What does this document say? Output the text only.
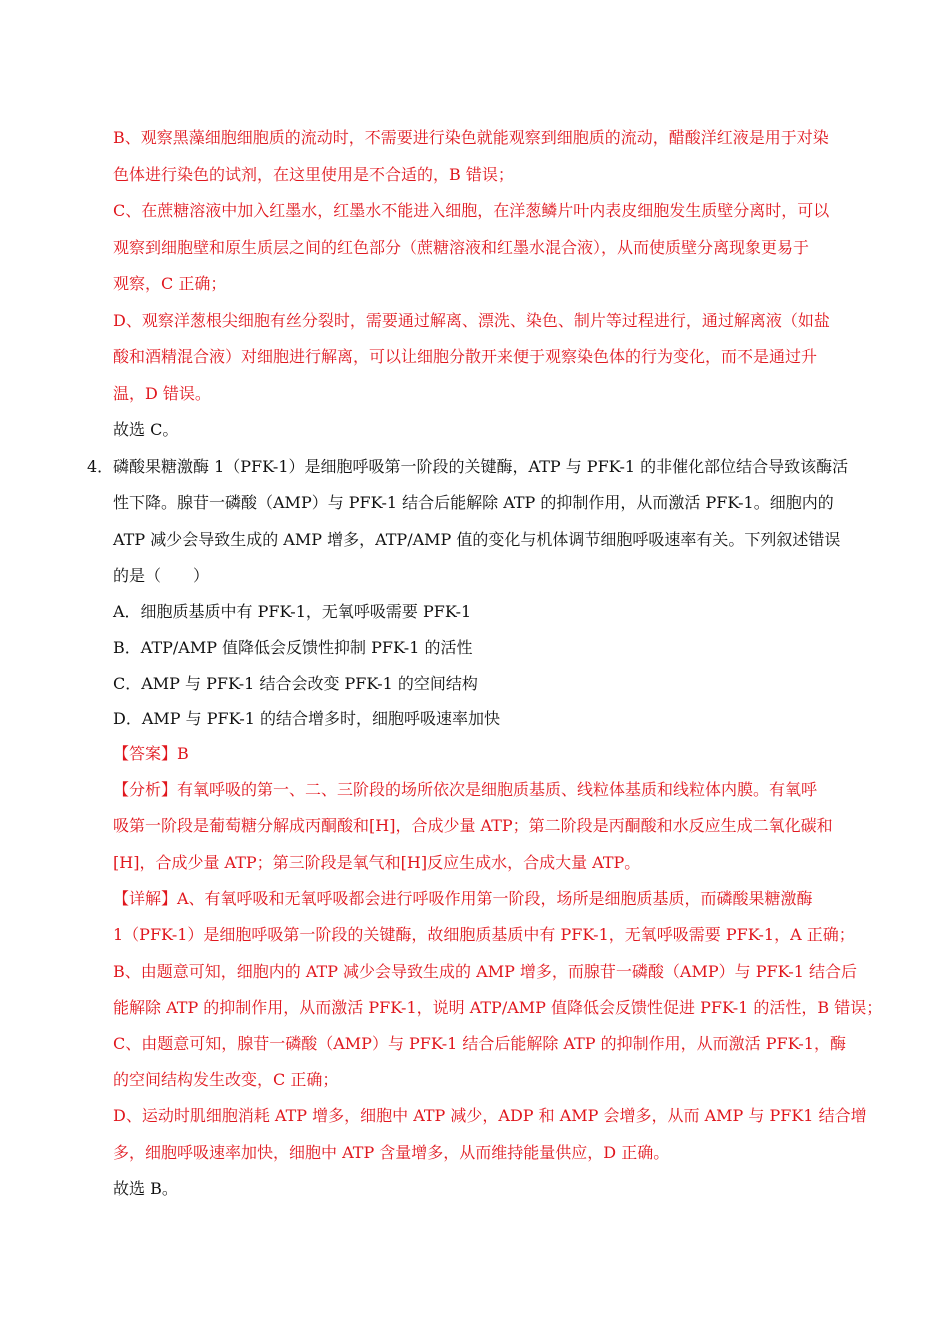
B、观察黑藻细胞细胞质的流动时，不需要进行染色就能观察到细胞质的流动，醋酸洋红液是用于对染
色体进行染色的试剂，在这里使用是不合适的，B 错误；
C、在蔗糖溶液中加入红墨水，红墨水不能进入细胞，在洋葱鳞片叶内表皮细胞发生质壁分离时，可以
观察到细胞壁和原生质层之间的红色部分（蔗糖溶液和红墨水混合液），从而使质壁分离现象更易于
观察，C 正确；
D、观察洋葱根尖细胞有丝分裂时，需要通过解离、漂洗、染色、制片等过程进行，通过解离液（如盐
酸和酒精混合液）对细胞进行解离，可以让细胞分散开来便于观察染色体的行为变化，而不是通过升
温，D 错误。
故选 C。
4． 磷酸果糖激酶 1（PFK-1）是细胞呼吸第一阶段的关键酶，ATP 与 PFK-1 的非催化部位结合导致该酶活
性下降。腺苷一磷酸（AMP）与 PFK-1 结合后能解除 ATP 的抑制作用，从而激活 PFK-1。细胞内的
ATP 减少会导致生成的 AMP 增多，ATP/AMP 值的变化与机体调节细胞呼吸速率有关。下列叙述错误
的是（　　）
A．细胞质基质中有 PFK-1，无氧呼吸需要 PFK-1
B．ATP/AMP 值降低会反馈性抑制 PFK-1 的活性
C．AMP 与 PFK-1 结合会改变 PFK-1 的空间结构
D．AMP 与 PFK-1 的结合增多时，细胞呼吸速率加快
【答案】B
【分析】有氧呼吸的第一、二、三阶段的场所依次是细胞质基质、线粒体基质和线粒体内膜。有氧呼
吸第一阶段是葡萄糖分解成丙酮酸和[H]，合成少量 ATP；第二阶段是丙酮酸和水反应生成二氧化碳和
[H]，合成少量 ATP；第三阶段是氧气和[H]反应生成水，合成大量 ATP。
【详解】A、有氧呼吸和无氧呼吸都会进行呼吸作用第一阶段，场所是细胞质基质，而磷酸果糖激酶
1（PFK-1）是细胞呼吸第一阶段的关键酶，故细胞质基质中有 PFK-1，无氧呼吸需要 PFK-1，A 正确；
B、由题意可知，细胞内的 ATP 减少会导致生成的 AMP 增多，而腺苷一磷酸（AMP）与 PFK-1 结合后
能解除 ATP 的抑制作用，从而激活 PFK-1，说明 ATP/AMP 值降低会反馈性促进 PFK-1 的活性，B 错误；
C、由题意可知，腺苷一磷酸（AMP）与 PFK-1 结合后能解除 ATP 的抑制作用，从而激活 PFK-1，酶
的空间结构发生改变，C 正确；
D、运动时肌细胞消耗 ATP 增多，细胞中 ATP 减少，ADP 和 AMP 会增多，从而 AMP 与 PFK1 结合增
多，细胞呼吸速率加快，细胞中 ATP 含量增多，从而维持能量供应，D 正确。
故选 B。
